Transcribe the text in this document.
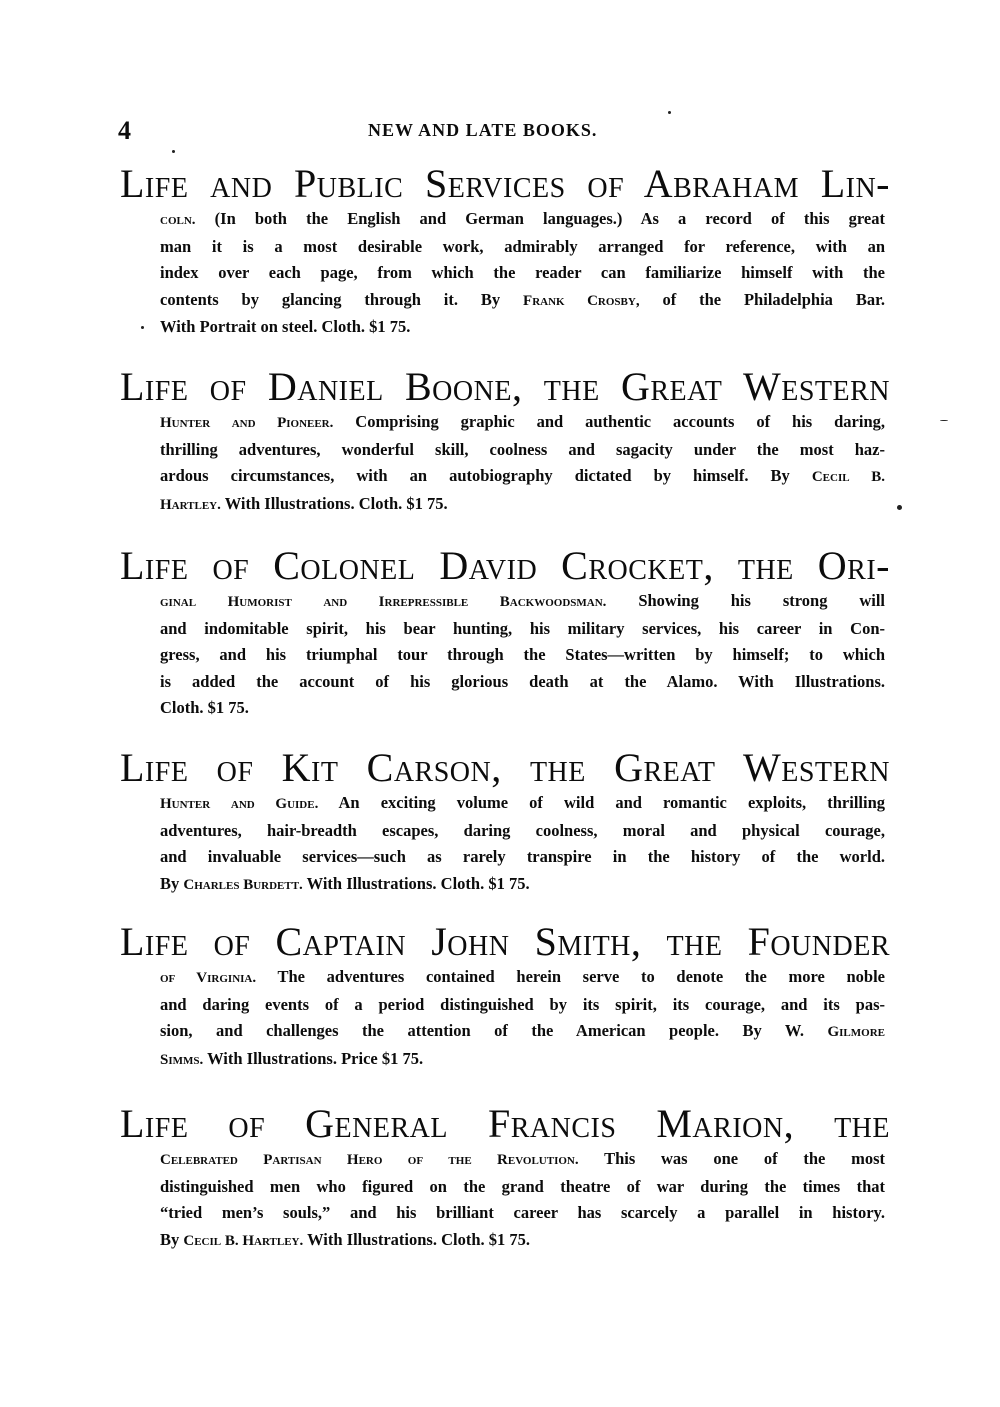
4	NEW AND LATE BOOKS.
Life and Public Services of Abraham Lin-
coln. (In both the English and German languages.) As a record of this great
man it is a most desirable work, admirably arranged for reference, with an
index over each page, from which the reader can familiarize himself with the
contents by glancing through it. By Frank Crosby, of the Philadelphia Bar.
With Portrait on steel. Cloth. $1 75.
Life of Daniel Boone, the Great Western
Hunter and Pioneer. Comprising graphic and authentic accounts of his daring,
thrilling adventures, wonderful skill, coolness and sagacity under the most haz-
ardous circumstances, with an autobiography dictated by himself. By Cecil B.
Hartley. With Illustrations. Cloth. $1 75.
Life of Colonel David Crocket, the Ori-
ginal Humorist and Irrepressible Backwoodsman. Showing his strong will
and indomitable spirit, his bear hunting, his military services, his career in Con-
gress, and his triumphal tour through the States—written by himself; to which
is added the account of his glorious death at the Alamo. With Illustrations.
Cloth. $1 75.
Life of Kit Carson, the Great Western
Hunter and Guide. An exciting volume of wild and romantic exploits, thrilling
adventures, hair-breadth escapes, daring coolness, moral and physical courage,
and invaluable services—such as rarely transpire in the history of the world.
By Charles Burdett. With Illustrations. Cloth. $1 75.
Life of Captain John Smith, the Founder
of Virginia. The adventures contained herein serve to denote the more noble
and daring events of a period distinguished by its spirit, its courage, and its pas-
sion, and challenges the attention of the American people. By W. Gilmore
Simms. With Illustrations. Price $1 75.
Life of General Francis Marion, the
Celebrated Partisan Hero of the Revolution. This was one of the most
distinguished men who figured on the grand theatre of war during the times that
“tried men’s souls,” and his brilliant career has scarcely a parallel in history.
By Cecil B. Hartley. With Illustrations. Cloth. $1 75.
